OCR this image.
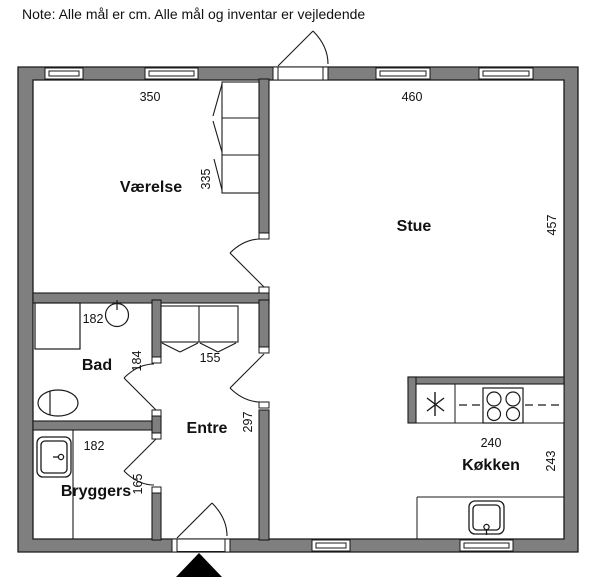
Note: Alle mål er cm. Alle mål og inventar er vejledende
Værelse
350
335
Stue
460
457
Bad
182
184
Entre
155
297
Bryggers
182
165
Køkken
240
243
